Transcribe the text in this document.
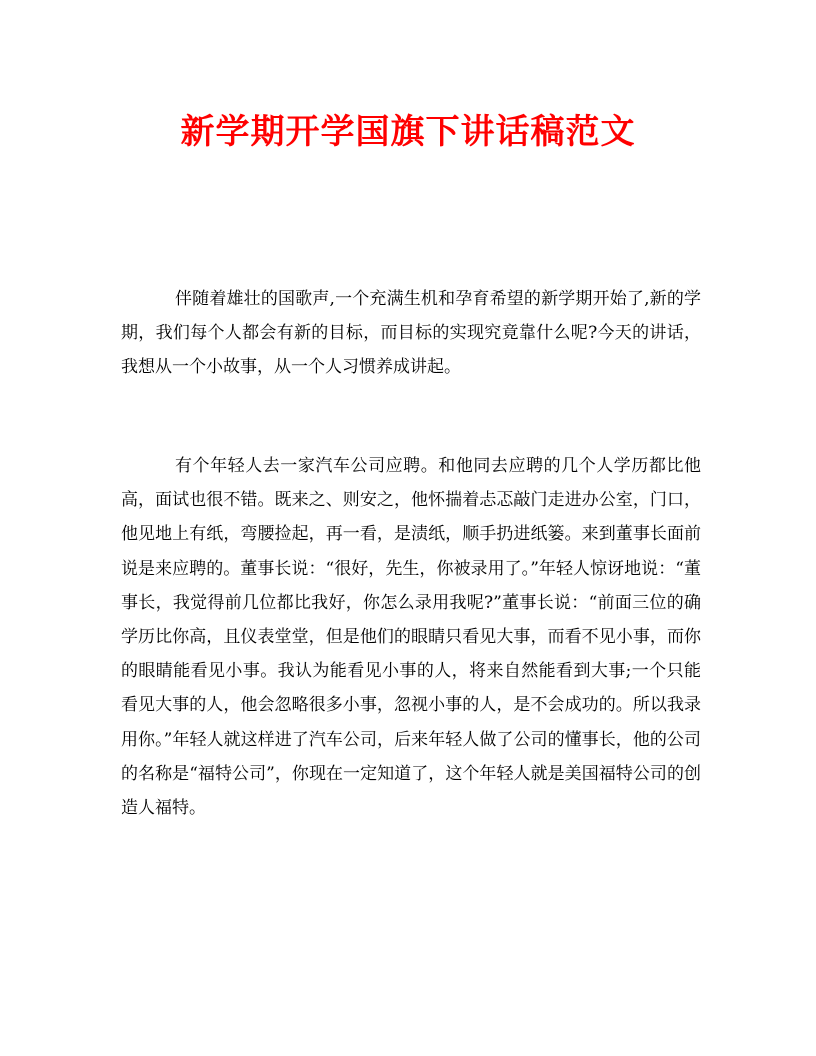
新学期开学国旗下讲话稿范文

伴随着雄壮的国歌声,一个充满生机和孕育希望的新学期开始了,新的学期，我们每个人都会有新的目标，而目标的实现究竟靠什么呢?今天的讲话，我想从一个小故事，从一个人习惯养成讲起。

有个年轻人去一家汽车公司应聘。和他同去应聘的几个人学历都比他高，面试也很不错。既来之、则安之，他怀揣着忐忑敲门走进办公室，门口，他见地上有纸，弯腰捡起，再一看，是渍纸，顺手扔进纸篓。来到董事长面前说是来应聘的。董事长说：“很好，先生，你被录用了。”年轻人惊讶地说：“董事长，我觉得前几位都比我好，你怎么录用我呢?”董事长说：“前面三位的确学历比你高，且仪表堂堂，但是他们的眼睛只看见大事，而看不见小事，而你的眼睛能看见小事。我认为能看见小事的人，将来自然能看到大事;一个只能看见大事的人，他会忽略很多小事，忽视小事的人，是不会成功的。所以我录用你。”年轻人就这样进了汽车公司，后来年轻人做了公司的懂事长，他的公司的名称是“福特公司”，你现在一定知道了，这个年轻人就是美国福特公司的创造人福特。
